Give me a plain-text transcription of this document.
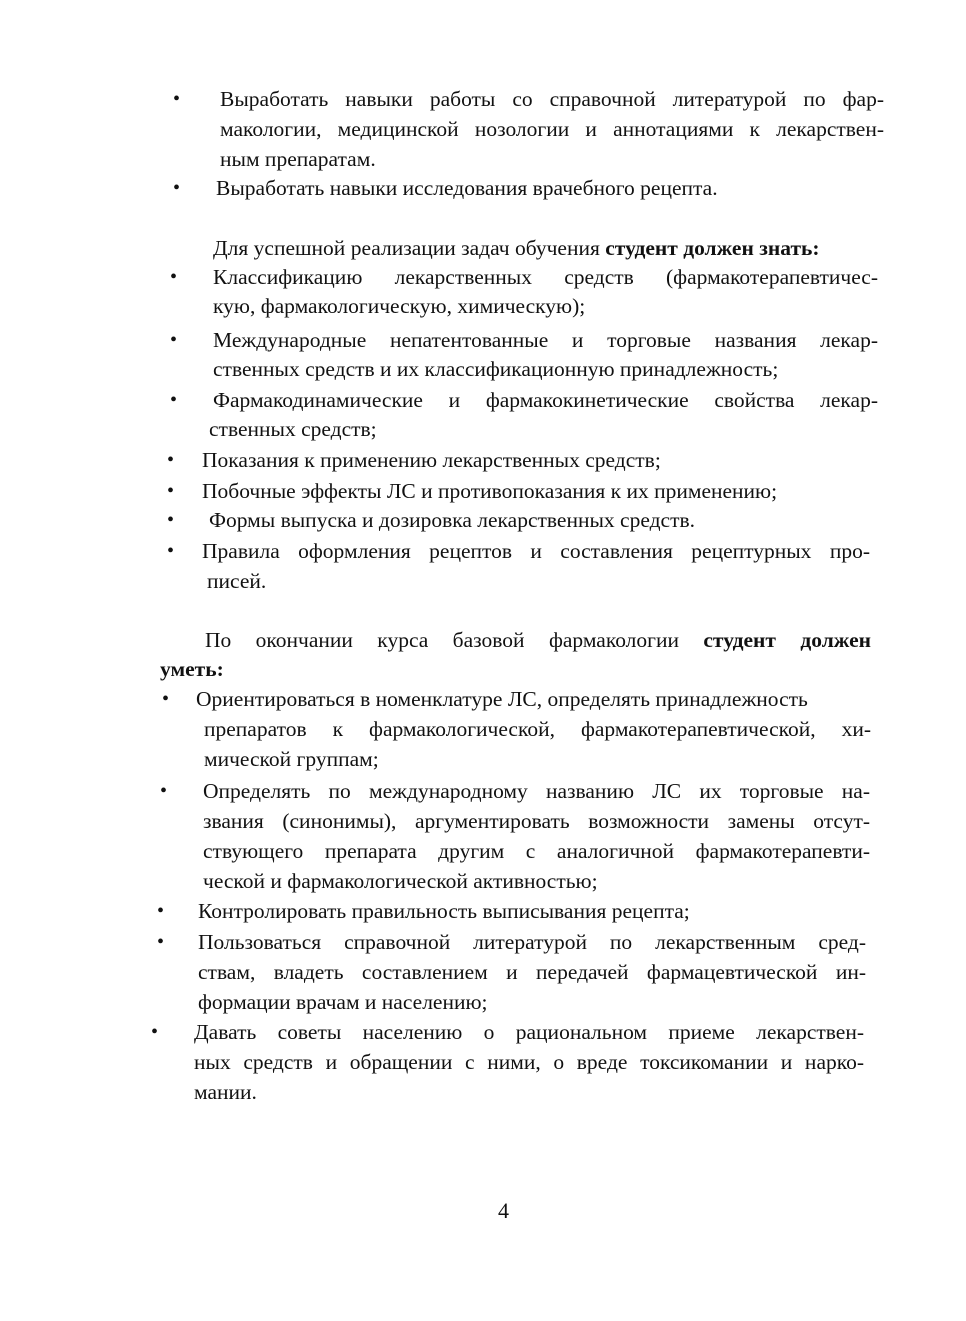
• Выработать навыки работы со справочной литературой по фар-
макологии, медицинской нозологии и аннотациями к лекарствен-
ным препаратам.
• Выработать навыки исследования врачебного рецепта.
Для успешной реализации задач обучения студент должен знать:
• Классификацию лекарственных средств (фармакотерапевтичес-
кую, фармакологическую, химическую);
• Международные непатентованные и торговые названия лекар-
ственных средств и их классификационную принадлежность;
• Фармакодинамические и фармакокинетические свойства лекар-
ственных средств;
• Показания к применению лекарственных средств;
• Побочные эффекты ЛС и противопоказания к их применению;
• Формы выпуска и дозировка лекарственных средств.
• Правила оформления рецептов и составления рецептурных про-
писей.
По окончании курса базовой фармакологии студент должен
уметь:
• Ориентироваться в номенклатуре ЛС, определять принадлежность
препаратов к фармакологической, фармакотерапевтической, хи-
мической группам;
• Определять по международному названию ЛС их торговые на-
звания (синонимы), аргументировать возможности замены отсут-
ствующего препарата другим с аналогичной фармакотерапевти-
ческой и фармакологической активностью;
• Контролировать правильность выписывания рецепта;
• Пользоваться справочной литературой по лекарственным сред-
ствам, владеть составлением и передачей фармацевтической ин-
формации врачам и населению;
• Давать советы населению о рациональном приеме лекарствен-
ных средств и обращении с ними, о вреде токсикомании и нарко-
мании.
4
